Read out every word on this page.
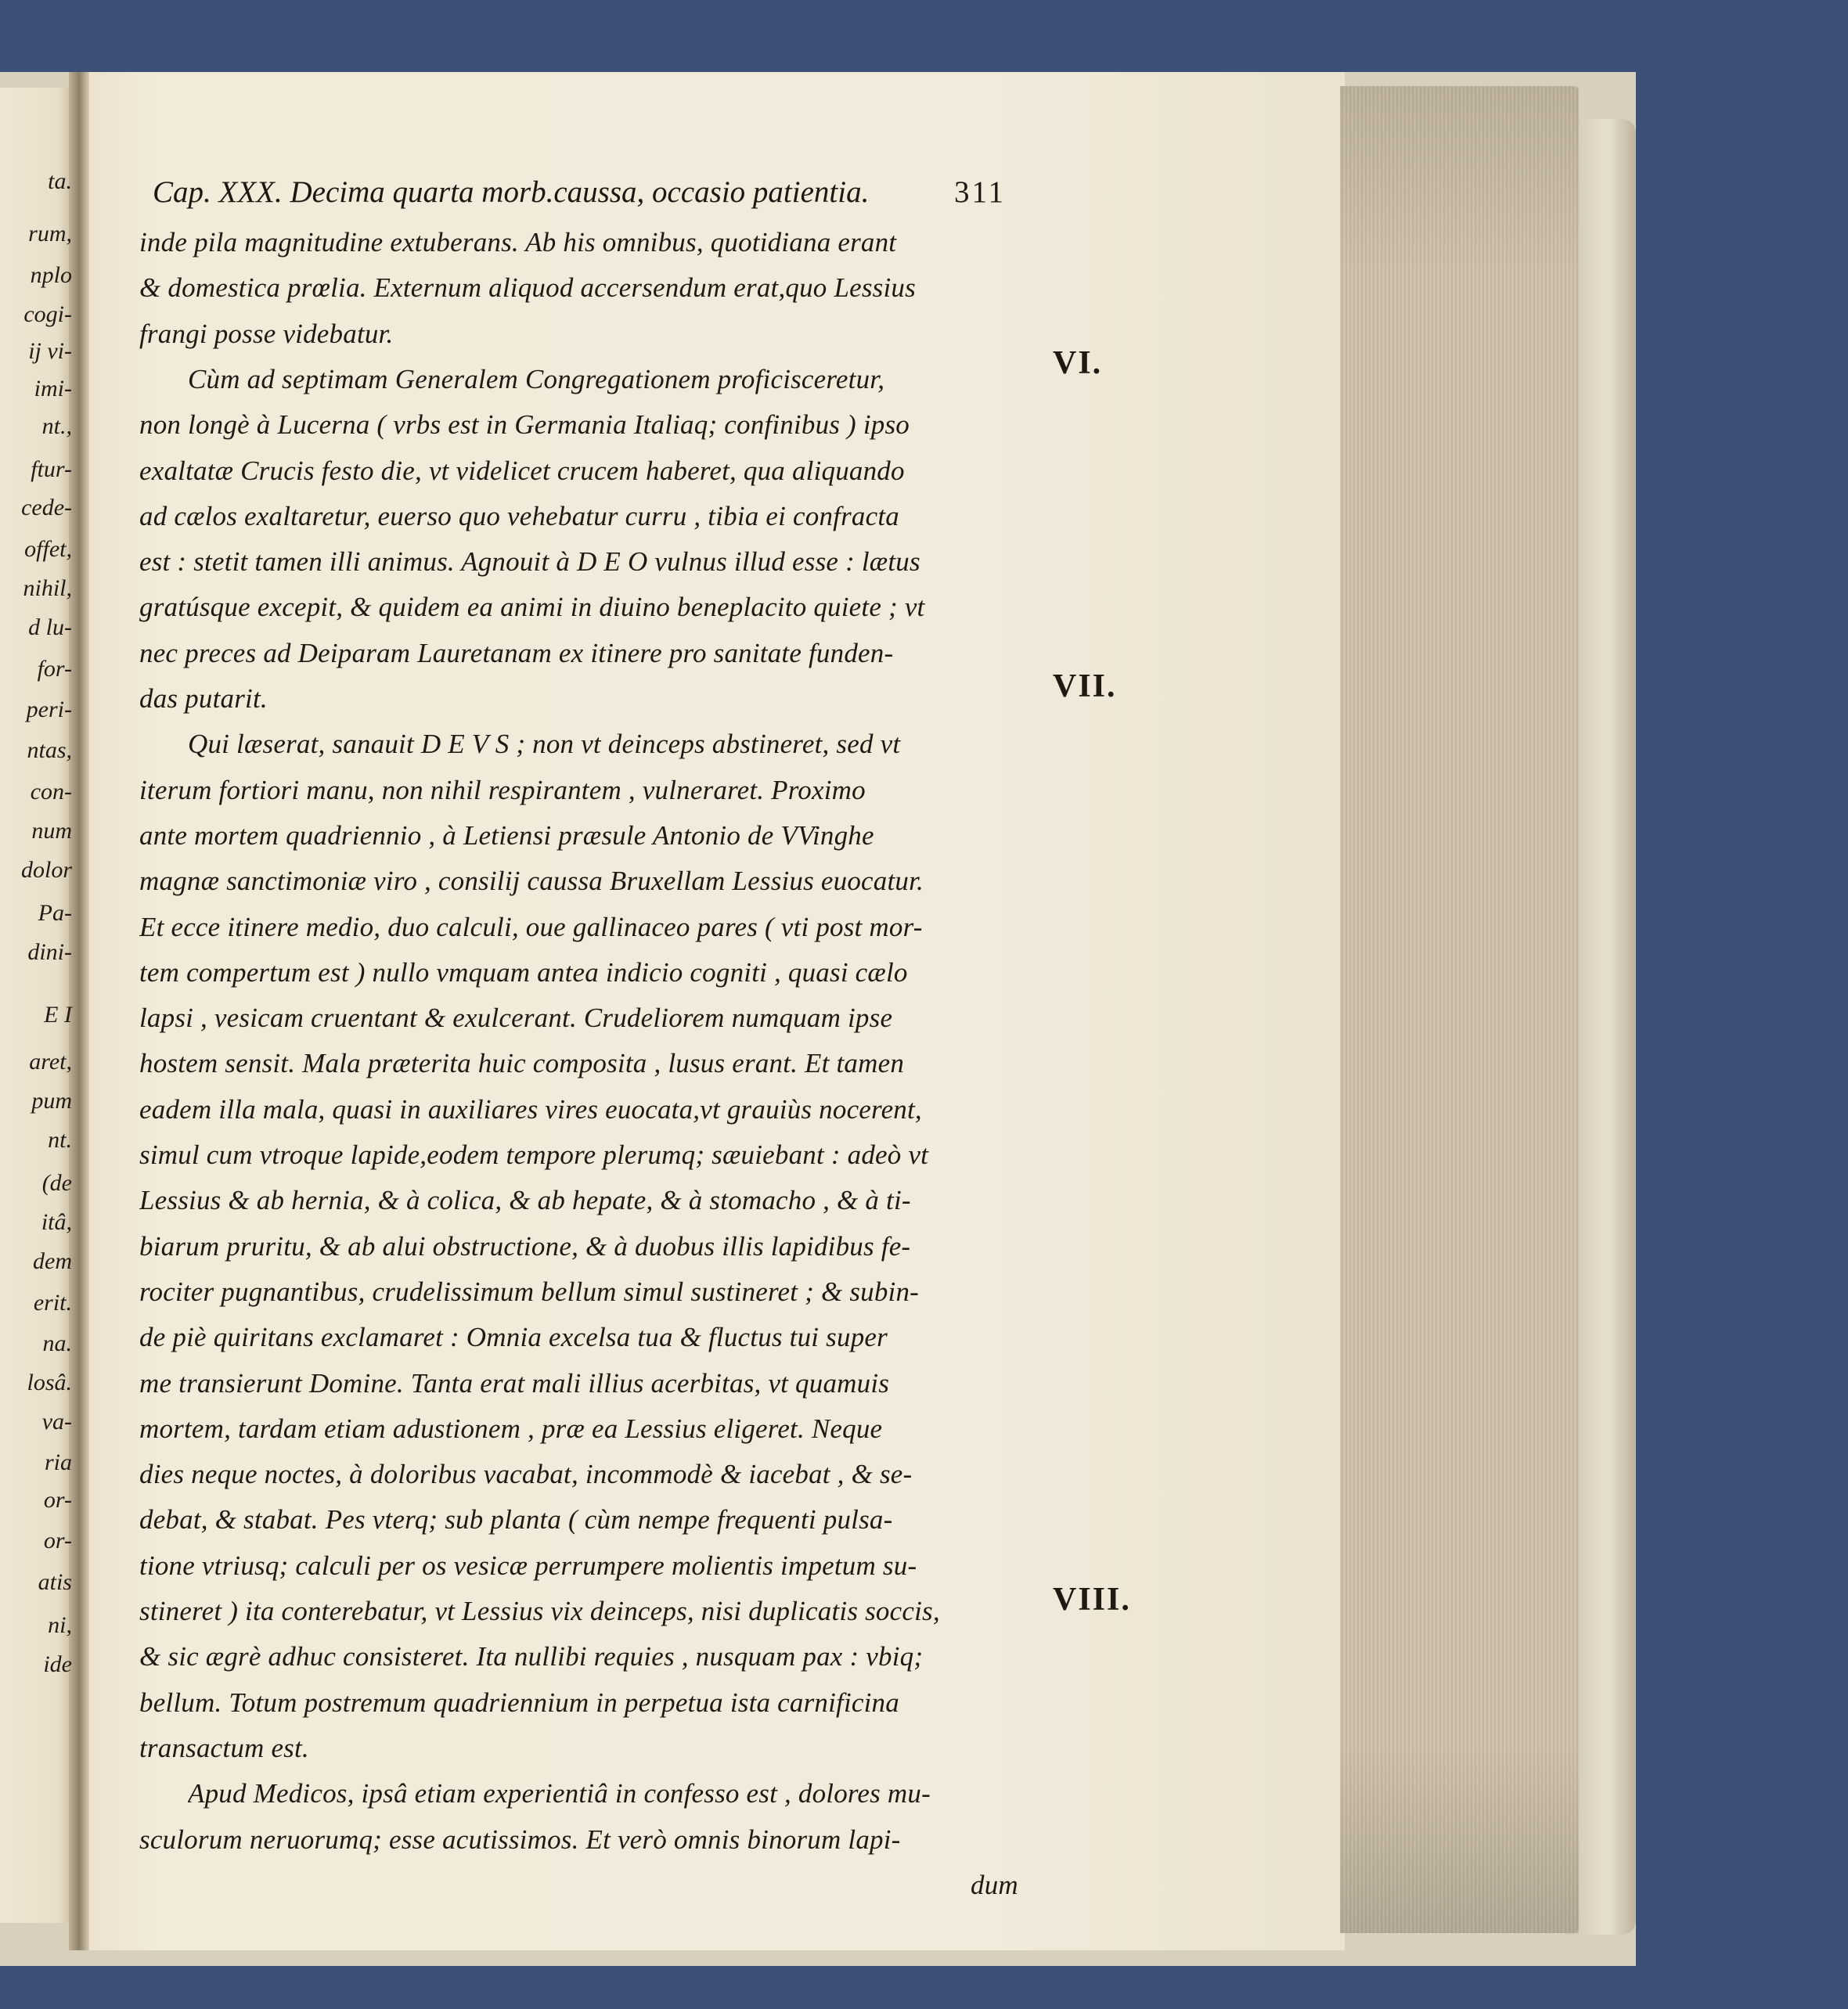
ta.
rum,
nplo
cogi-
ij vi-
imi-
nt.,
ftur-
cede-
offet,
nihil,
d lu-
for-
peri-
ntas,
con-
num
dolor
Pa-
dini-
E I
aret,
pum
nt.
(de
itâ,
dem
erit.
na.
losâ.
va-
ria
or-
or-
atis
ni,
ide
Cap. XXX. Decima quarta morb.caussa, occasio patientia.	311
inde pila magnitudine extuberans. Ab his omnibus, quotidiana erant
& domestica prœlia. Externum aliquod accersendum erat,quo Lessius
frangi posse videbatur.
Cùm ad septimam Generalem Congregationem proficisceretur,
non longè à Lucerna ( vrbs est in Germania Italiaq; confinibus ) ipso
exaltatæ Crucis festo die, vt videlicet crucem haberet, qua aliquando
ad cælos exaltaretur, euerso quo vehebatur curru , tibia ei confracta
est : stetit tamen illi animus. Agnouit à D E O vulnus illud esse : lætus
gratúsque excepit, & quidem ea animi in diuino beneplacito quiete ; vt
nec preces ad Deiparam Lauretanam ex itinere pro sanitate funden-
das putarit.
Qui læserat, sanauit D E V S ; non vt deinceps abstineret, sed vt
iterum fortiori manu, non nihil respirantem , vulneraret. Proximo
ante mortem quadriennio , à Letiensi præsule Antonio de VVinghe
magnæ sanctimoniæ viro , consilij caussa Bruxellam Lessius euocatur.
Et ecce itinere medio, duo calculi, oue gallinaceo pares ( vti post mor-
tem compertum est ) nullo vmquam antea indicio cogniti , quasi cælo
lapsi , vesicam cruentant & exulcerant. Crudeliorem numquam ipse
hostem sensit. Mala præterita huic composita , lusus erant. Et tamen
eadem illa mala, quasi in auxiliares vires euocata,vt grauiùs nocerent,
simul cum vtroque lapide,eodem tempore plerumq; sæuiebant : adeò vt
Lessius & ab hernia, & à colica, & ab hepate, & à stomacho , & à ti-
biarum pruritu, & ab alui obstructione, & à duobus illis lapidibus fe-
rociter pugnantibus, crudelissimum bellum simul sustineret ; & subin-
de piè quiritans exclamaret : Omnia excelsa tua & fluctus tui super
me transierunt Domine. Tanta erat mali illius acerbitas, vt quamuis
mortem, tardam etiam adustionem , præ ea Lessius eligeret. Neque
dies neque noctes, à doloribus vacabat, incommodè & iacebat , & se-
debat, & stabat. Pes vterq; sub planta ( cùm nempe frequenti pulsa-
tione vtriusq; calculi per os vesicæ perrumpere molientis impetum su-
stineret ) ita conterebatur, vt Lessius vix deinceps, nisi duplicatis soccis,
& sic ægrè adhuc consisteret. Ita nullibi requies , nusquam pax : vbiq;
bellum. Totum postremum quadriennium in perpetua ista carnificina
transactum est.
Apud Medicos, ipsâ etiam experientiâ in confesso est , dolores mu-
sculorum neruorumq; esse acutissimos. Et verò omnis binorum lapi-
dum
VI.
VII.
VIII.
